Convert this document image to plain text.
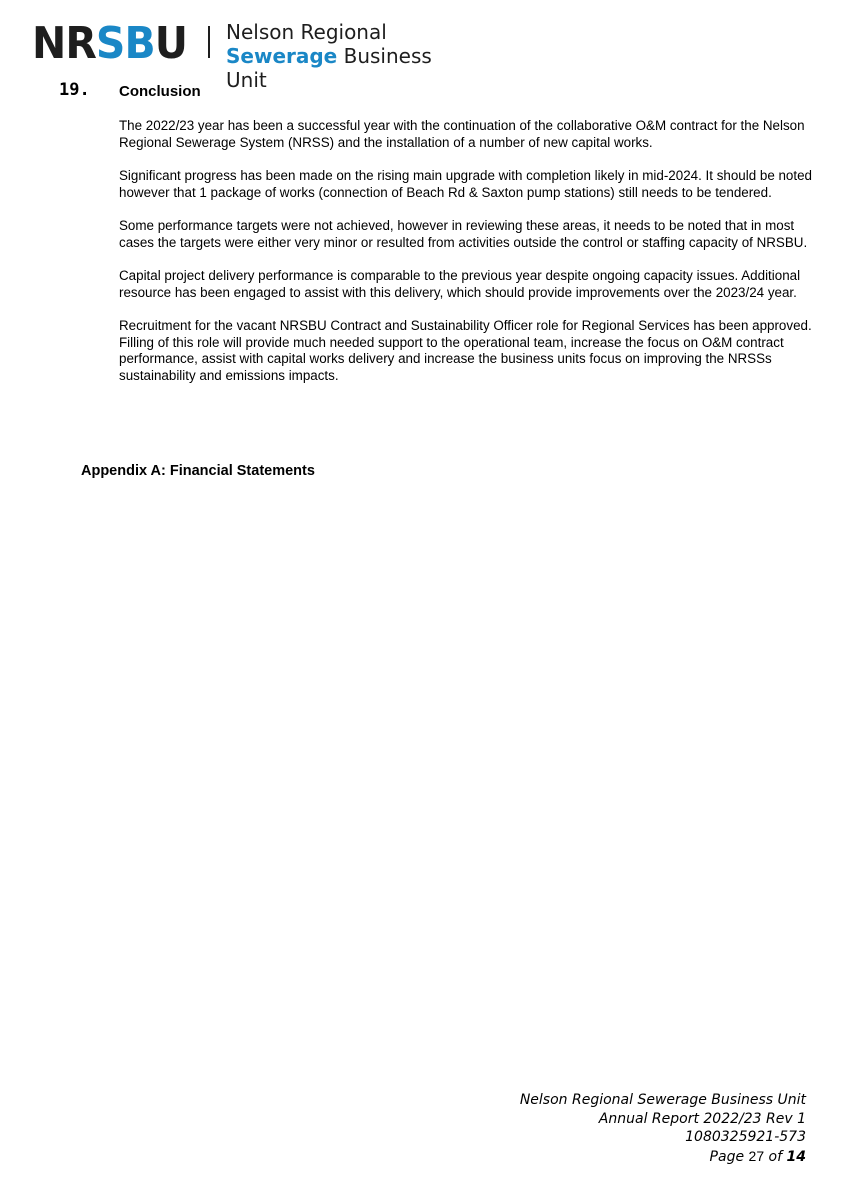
NRSBU Nelson Regional
Sewerage Business Unit
19. Conclusion

The 2022/23 year has been a successful year with the continuation of the collaborative O&M contract for the Nelson Regional Sewerage System (NRSS) and the installation of a number of new capital works.

Significant progress has been made on the rising main upgrade with completion likely in mid-2024. It should be noted however that 1 package of works (connection of Beach Rd & Saxton pump stations) still needs to be tendered.

Some performance targets were not achieved, however in reviewing these areas, it needs to be noted that in most cases the targets were either very minor or resulted from activities outside the control or staffing capacity of NRSBU.

Capital project delivery performance is comparable to the previous year despite ongoing capacity issues. Additional resource has been engaged to assist with this delivery, which should provide improvements over the 2023/24 year.

Recruitment for the vacant NRSBU Contract and Sustainability Officer role for Regional Services has been approved. Filling of this role will provide much needed support to the operational team, increase the focus on O&M contract performance, assist with capital works delivery and increase the business units focus on improving the NRSSs sustainability and emissions impacts.

Appendix A: Financial Statements
Nelson Regional Sewerage Business Unit
Annual Report 2022/23 Rev 1
1080325921-573
Page 27 of 14
